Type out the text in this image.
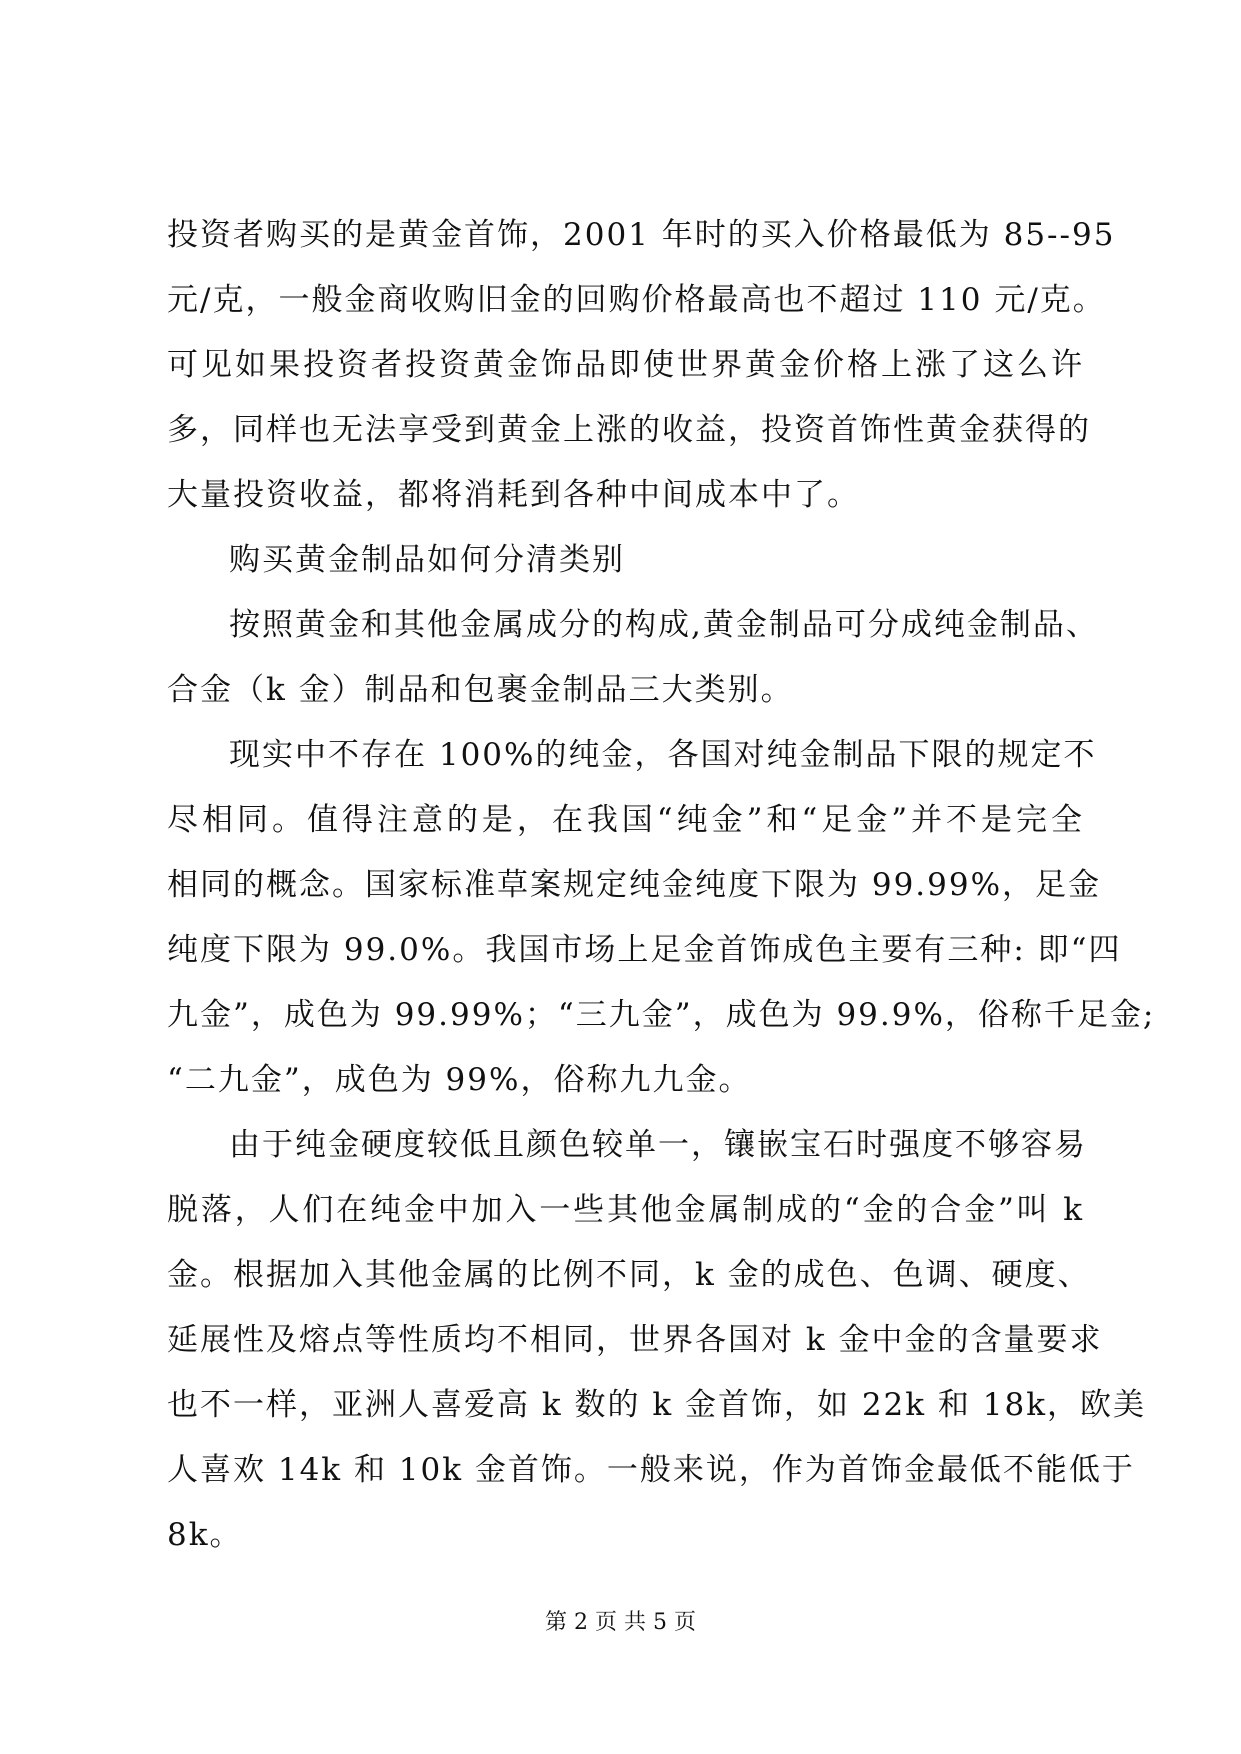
投资者购买的是黄金首饰，2001 年时的买入价格最低为 85--95
元/克，一般金商收购旧金的回购价格最高也不超过 110 元/克。
可见如果投资者投资黄金饰品即使世界黄金价格上涨了这么许
多，同样也无法享受到黄金上涨的收益，投资首饰性黄金获得的
大量投资收益，都将消耗到各种中间成本中了。
购买黄金制品如何分清类别
按照黄金和其他金属成分的构成,黄金制品可分成纯金制品、
合金（k 金）制品和包裹金制品三大类别。
现实中不存在 100%的纯金，各国对纯金制品下限的规定不
尽相同。值得注意的是，在我国“纯金”和“足金”并不是完全
相同的概念。国家标准草案规定纯金纯度下限为 99.99%，足金
纯度下限为 99.0%。我国市场上足金首饰成色主要有三种: 即“四
九金”，成色为 99.99%；“三九金”，成色为 99.9%，俗称千足金;
“二九金”，成色为 99%，俗称九九金。
由于纯金硬度较低且颜色较单一，镶嵌宝石时强度不够容易
脱落，人们在纯金中加入一些其他金属制成的“金的合金”叫 k
金。根据加入其他金属的比例不同，k 金的成色、色调、硬度、
延展性及熔点等性质均不相同，世界各国对 k 金中金的含量要求
也不一样，亚洲人喜爱高 k 数的 k 金首饰，如 22k 和 18k，欧美
人喜欢 14k 和 10k 金首饰。一般来说，作为首饰金最低不能低于
8k。
第 2 页 共 5 页
